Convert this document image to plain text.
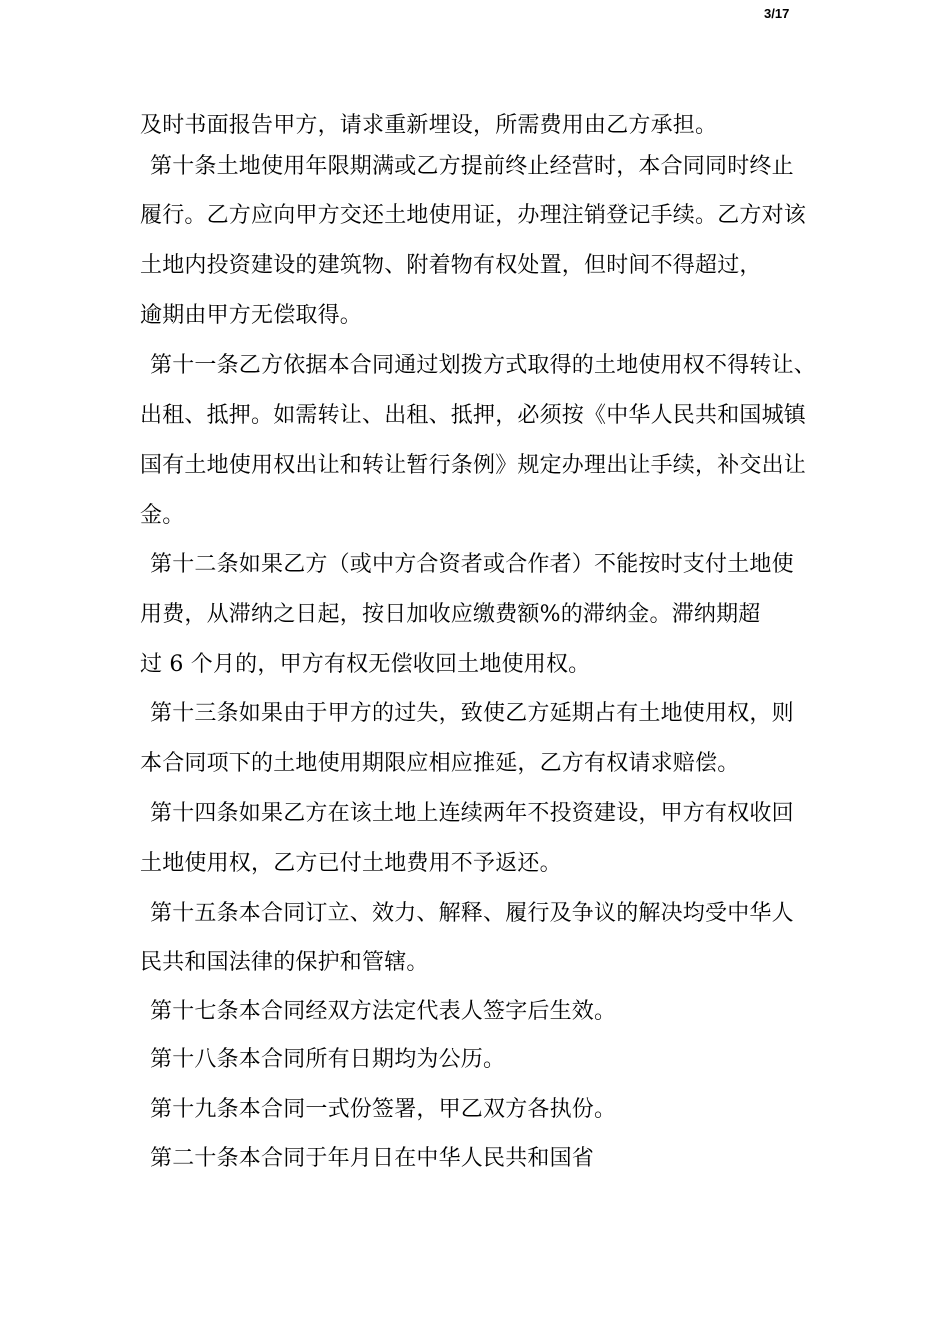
3/17
及时书面报告甲方，请求重新埋设，所需费用由乙方承担。
第十条土地使用年限期满或乙方提前终止经营时，本合同同时终止
履行。乙方应向甲方交还土地使用证，办理注销登记手续。乙方对该
土地内投资建设的建筑物、附着物有权处置，但时间不得超过，
逾期由甲方无偿取得。
第十一条乙方依据本合同通过划拨方式取得的土地使用权不得转让、
出租、抵押。如需转让、出租、抵押，必须按《中华人民共和国城镇
国有土地使用权出让和转让暂行条例》规定办理出让手续，补交出让
金。
第十二条如果乙方（或中方合资者或合作者）不能按时支付土地使
用费，从滞纳之日起，按日加收应缴费额%的滞纳金。滞纳期超
过 6 个月的，甲方有权无偿收回土地使用权。
第十三条如果由于甲方的过失，致使乙方延期占有土地使用权，则
本合同项下的土地使用期限应相应推延，乙方有权请求赔偿。
第十四条如果乙方在该土地上连续两年不投资建设，甲方有权收回
土地使用权，乙方已付土地费用不予返还。
第十五条本合同订立、效力、解释、履行及争议的解决均受中华人
民共和国法律的保护和管辖。
第十七条本合同经双方法定代表人签字后生效。
第十八条本合同所有日期均为公历。
第十九条本合同一式份签署，甲乙双方各执份。
第二十条本合同于年月日在中华人民共和国省
